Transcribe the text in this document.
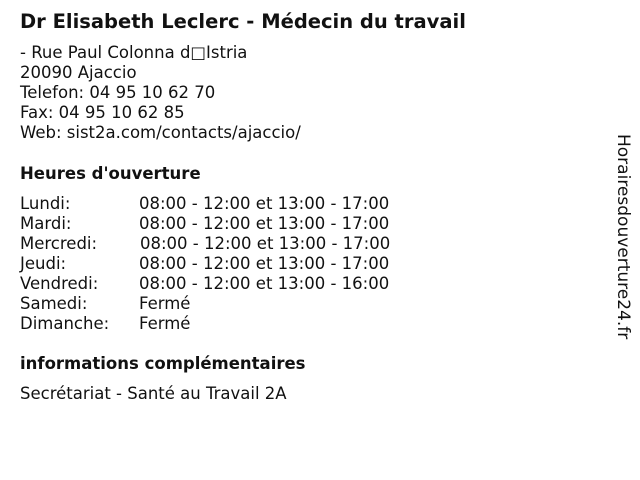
Dr Elisabeth Leclerc - Médecin du travail
- Rue Paul Colonna d□Istria
20090 Ajaccio
Telefon: 04 95 10 62 70
Fax: 04 95 10 62 85
Web: sist2a.com/contacts/ajaccio/
Heures d'ouverture
Lundi:	08:00 - 12:00 et 13:00 - 17:00
Mardi:	08:00 - 12:00 et 13:00 - 17:00
Mercredi:	08:00 - 12:00 et 13:00 - 17:00
Jeudi:	08:00 - 12:00 et 13:00 - 17:00
Vendredi: 08:00 - 12:00 et 13:00 - 16:00
Samedi:	Fermé
Dimanche: Fermé
informations complémentaires
Secrétariat - Santé au Travail 2A
Horairesdouverture24.fr
